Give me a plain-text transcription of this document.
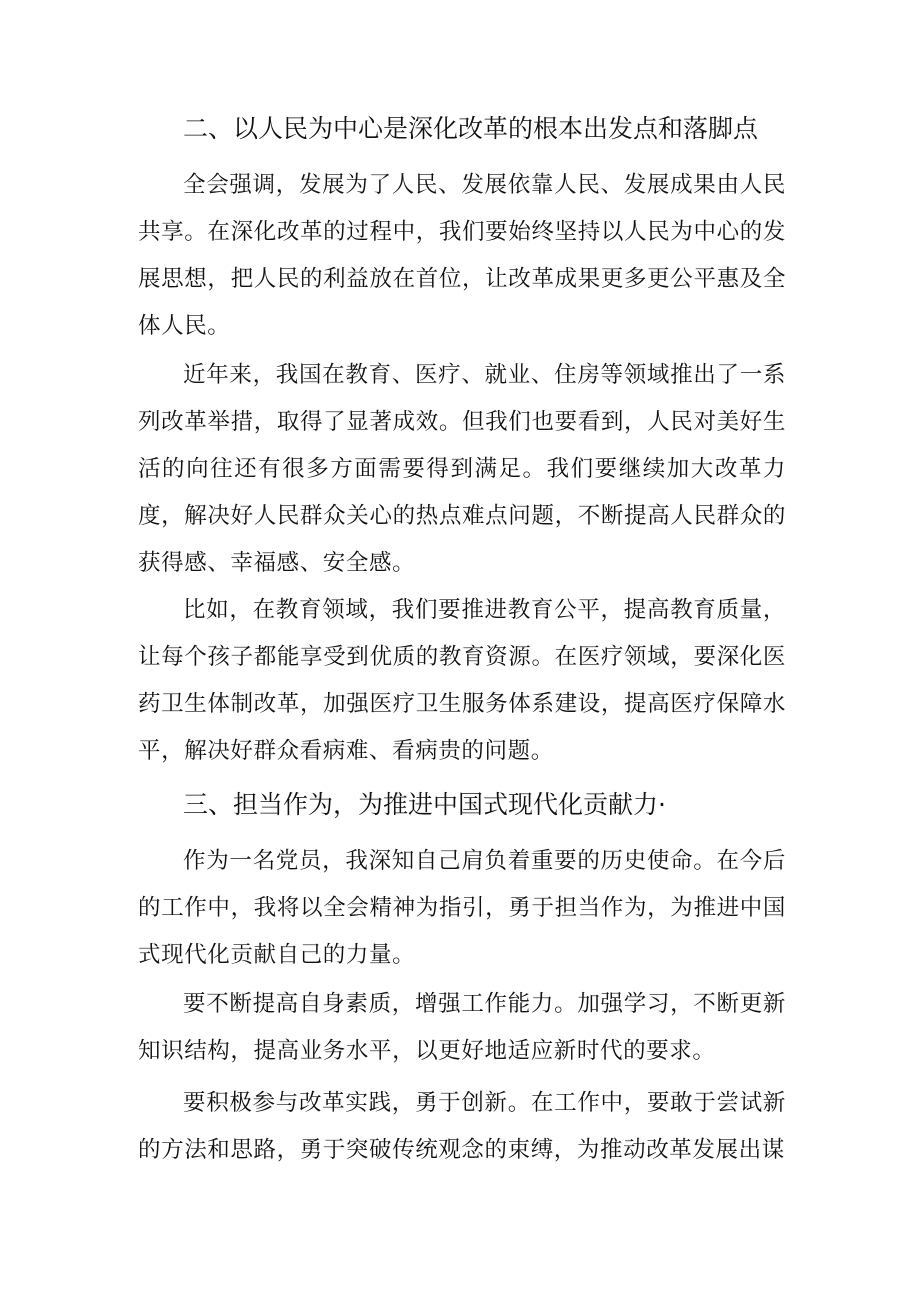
二、以人民为中心是深化改革的根本出发点和落脚点

全会强调，发展为了人民、发展依靠人民、发展成果由人民共享。在深化改革的过程中，我们要始终坚持以人民为中心的发展思想，把人民的利益放在首位，让改革成果更多更公平惠及全体人民。

近年来，我国在教育、医疗、就业、住房等领域推出了一系列改革举措，取得了显著成效。但我们也要看到，人民对美好生活的向往还有很多方面需要得到满足。我们要继续加大改革力度，解决好人民群众关心的热点难点问题，不断提高人民群众的获得感、幸福感、安全感。

比如，在教育领域，我们要推进教育公平，提高教育质量，让每个孩子都能享受到优质的教育资源。在医疗领域，要深化医药卫生体制改革，加强医疗卫生服务体系建设，提高医疗保障水平，解决好群众看病难、看病贵的问题。

三、担当作为，为推进中国式现代化贡献力·

作为一名党员，我深知自己肩负着重要的历史使命。在今后的工作中，我将以全会精神为指引，勇于担当作为，为推进中国式现代化贡献自己的力量。

要不断提高自身素质，增强工作能力。加强学习，不断更新知识结构，提高业务水平，以更好地适应新时代的要求。

要积极参与改革实践，勇于创新。在工作中，要敢于尝试新的方法和思路，勇于突破传统观念的束缚，为推动改革发展出谋
